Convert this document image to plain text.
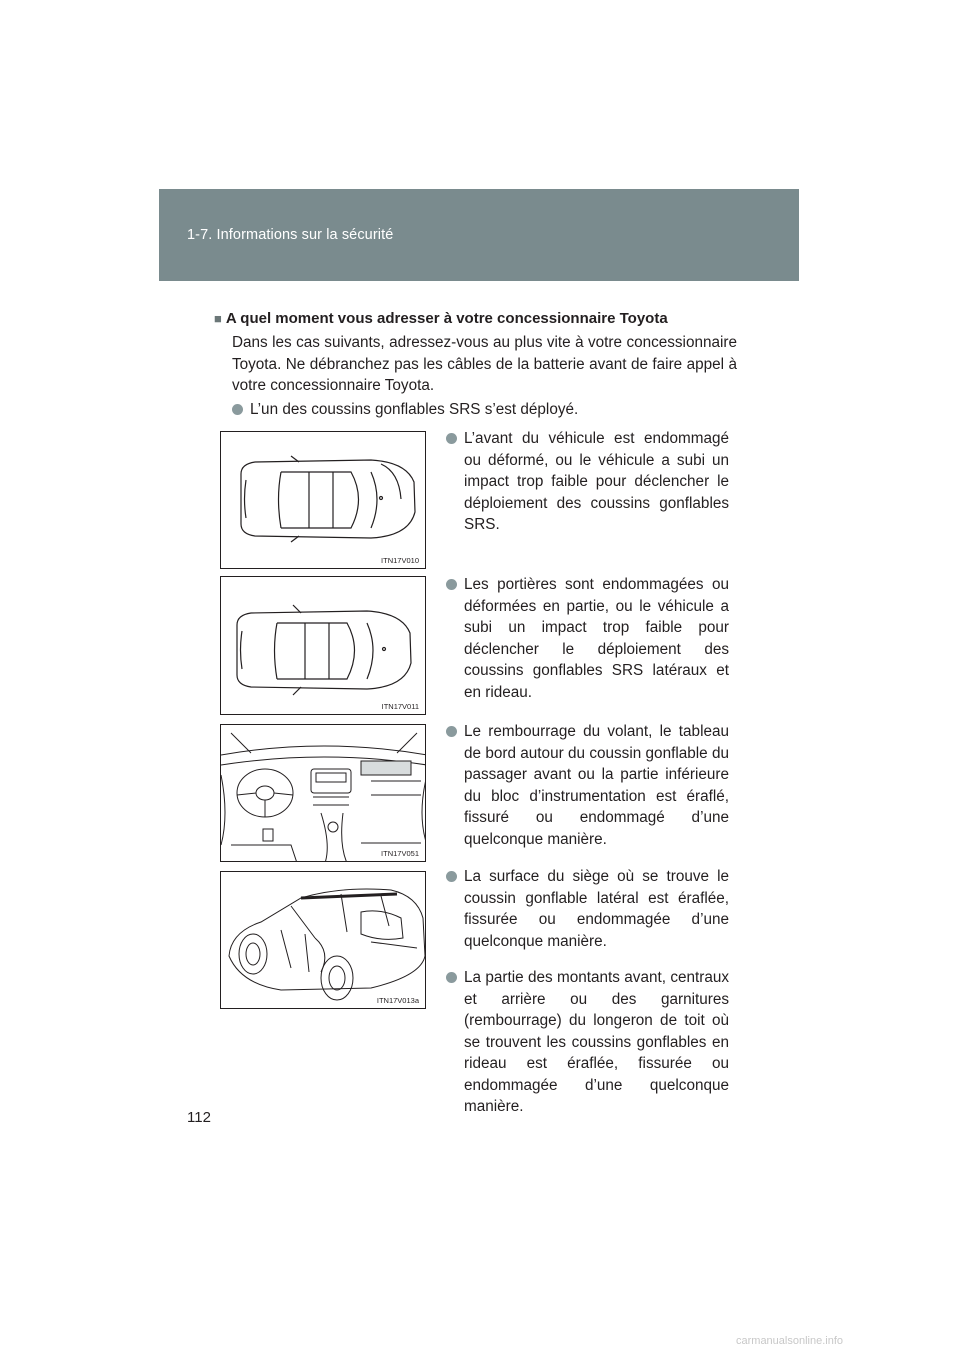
1-7. Informations sur la sécurité
■ A quel moment vous adresser à votre concessionnaire Toyota
Dans les cas suivants, adressez-vous au plus vite à votre concessionnaire Toyota. Ne débranchez pas les câbles de la batterie avant de faire appel à votre concessionnaire Toyota.
L’un des coussins gonflables SRS s’est déployé.
L’avant du véhicule est endommagé ou déformé, ou le véhicule a subi un impact trop faible pour déclencher le déploiement des coussins gonflables SRS.
Les portières sont endommagées ou déformées en partie, ou le véhicule a subi un impact trop faible pour déclencher le déploiement des coussins gonflables SRS latéraux et en rideau.
Le rembourrage du volant, le tableau de bord autour du coussin gonflable du passager avant ou la partie inférieure du bloc d’instrumentation est éraflé, fissuré ou endommagé d’une quelconque manière.
La surface du siège où se trouve le coussin gonflable latéral est éraflée, fissurée ou endommagée d’une quelconque manière.
La partie des montants avant, centraux et arrière ou des garnitures (rembourrage) du longeron de toit où se trouvent les coussins gonflables en rideau est éraflée, fissurée ou endommagée d’une quelconque manière.
ITN17V010
ITN17V011
ITN17V051
ITN17V013a
112
carmanualsonline.info
